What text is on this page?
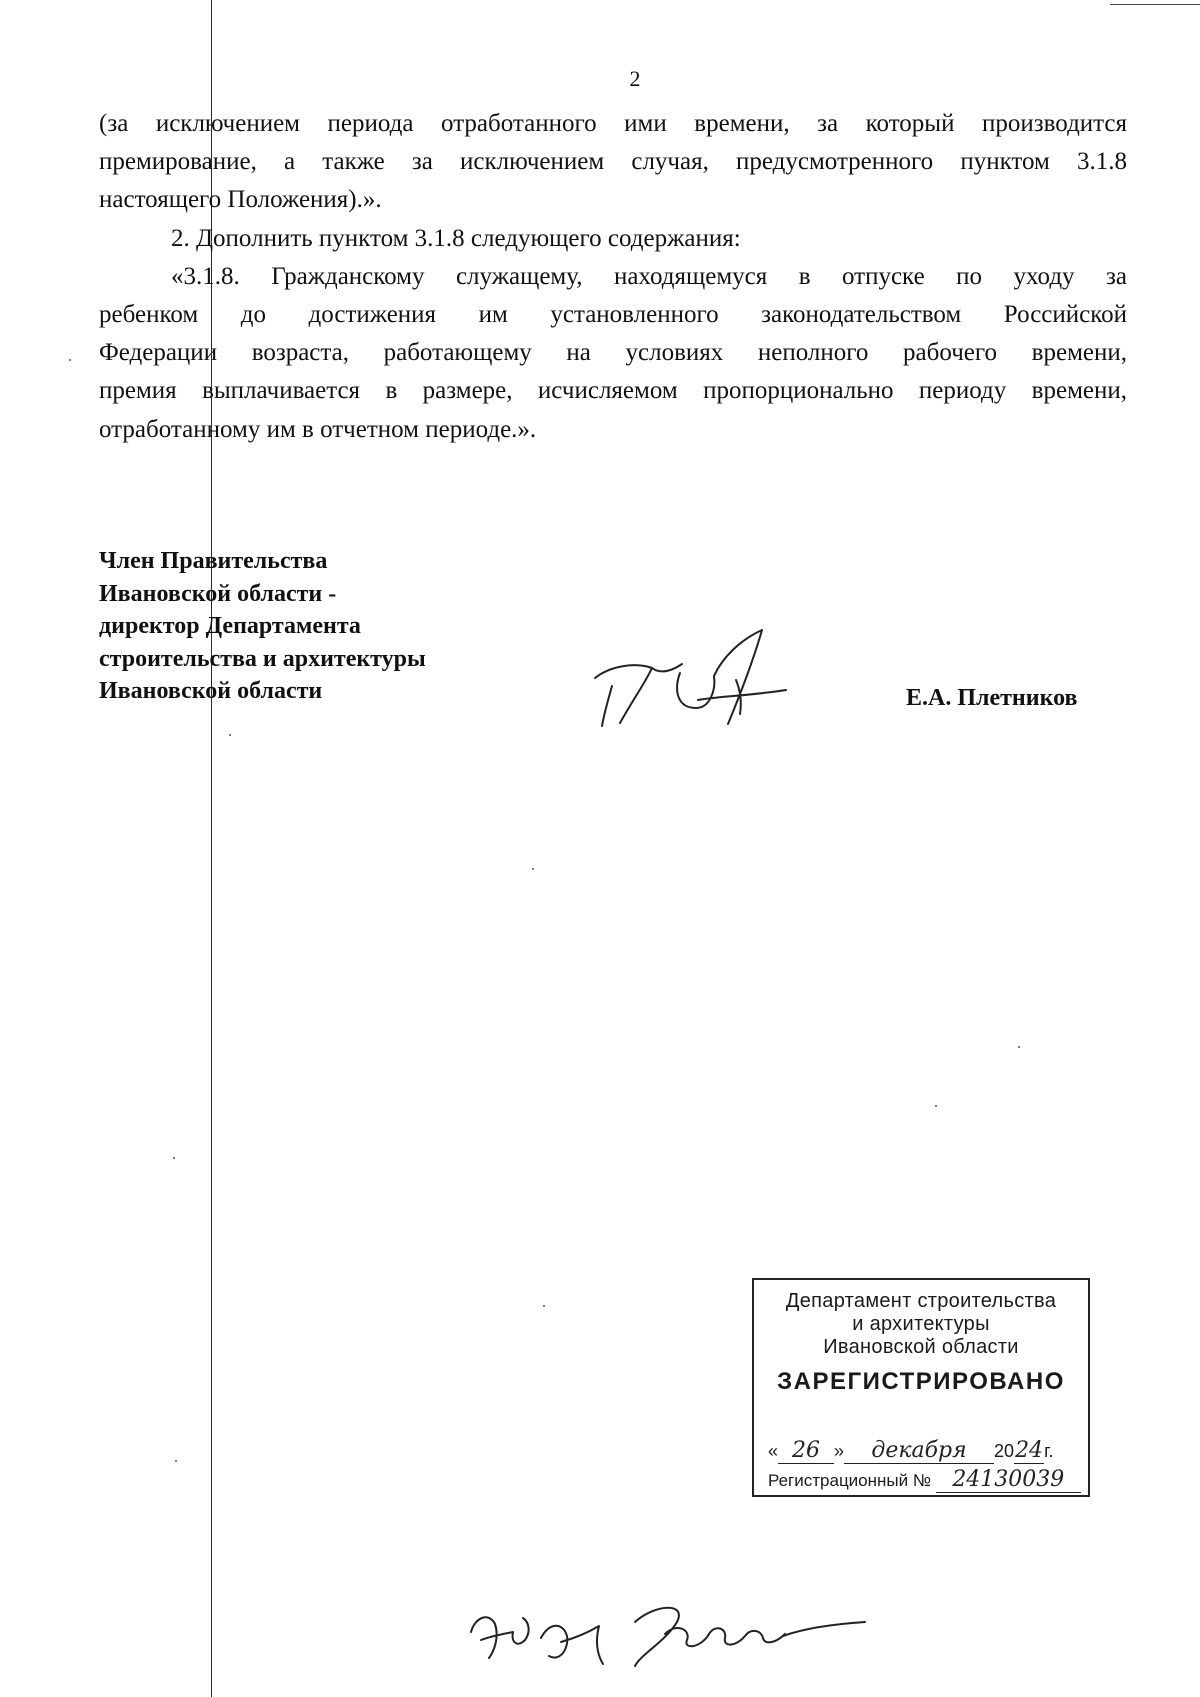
2

(за исключением периода отработанного ими времени, за который производится

премирование, а также за исключением случая, предусмотренного пунктом 3.1.8

настоящего Положения).».

2. Дополнить пунктом 3.1.8 следующего содержания:

«3.1.8. Гражданскому служащему, находящемуся в отпуске по уходу за

ребенком до достижения им установленного законодательством Российской

Федерации возраста, работающему на условиях неполного рабочего времени,

премия выплачивается в размере, исчисляемом пропорционально периоду времени,

отработанному им в отчетном периоде.».

Член Правительства
Ивановской области -
директор Департамента
строительства и архитектуры
Ивановской области	Е.А. Плетников
Департамент строительства
и архитектуры
Ивановской области
ЗАРЕГИСТРИРОВАНО
« 26 » декабря 2024г.
Регистрационный № 24130039
